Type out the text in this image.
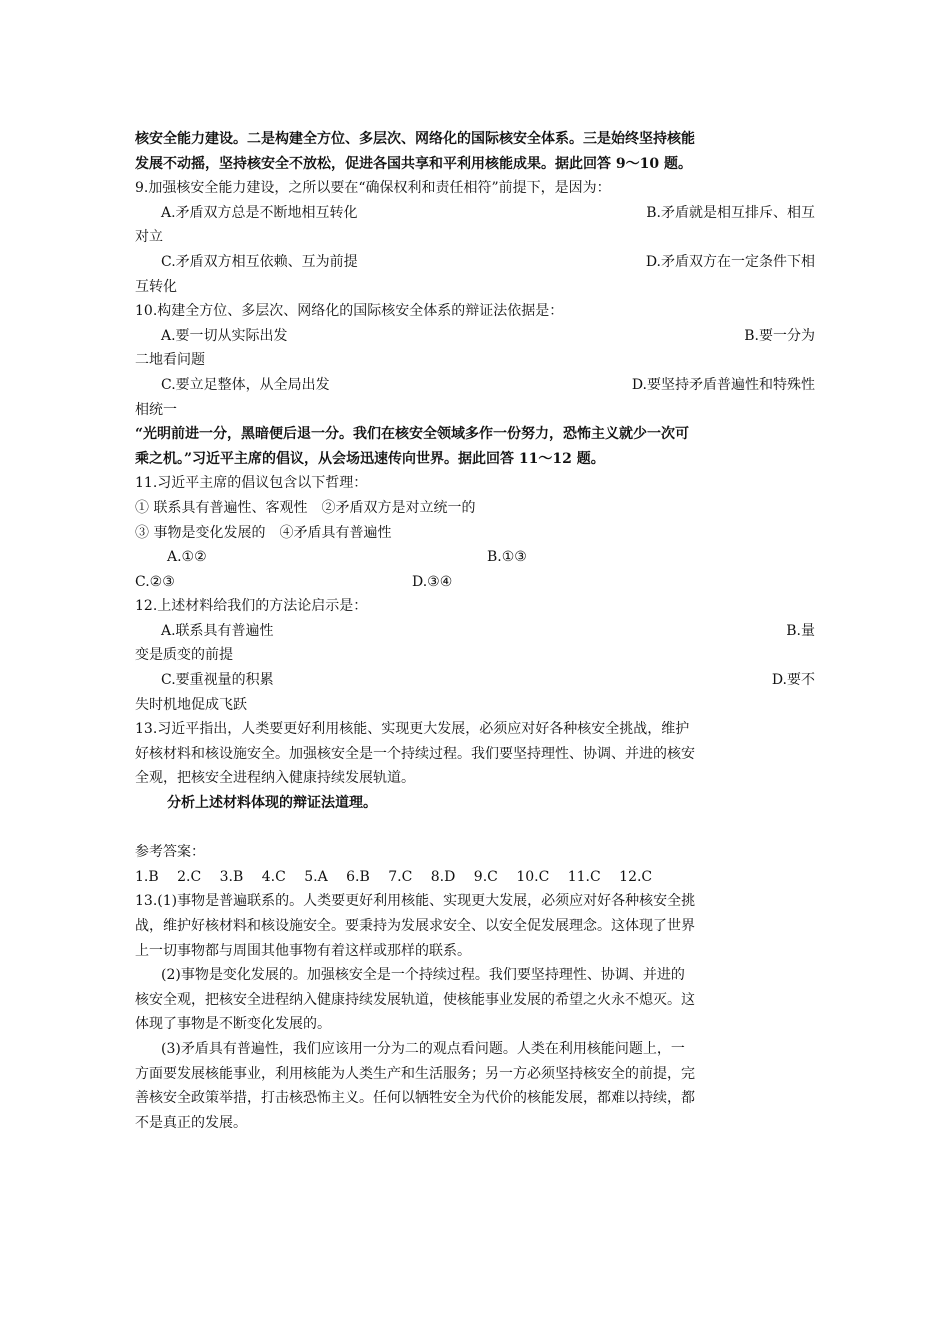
核安全能力建设。二是构建全方位、多层次、网络化的国际核安全体系。三是始终坚持核能
发展不动摇，坚持核安全不放松，促进各国共享和平利用核能成果。据此回答 9～10 题。
9.加强核安全能力建设，之所以要在“确保权利和责任相符”前提下，是因为：
A.矛盾双方总是不断地相互转化	B.矛盾就是相互排斥、相互
对立
C.矛盾双方相互依赖、互为前提	D.矛盾双方在一定条件下相
互转化
10.构建全方位、多层次、网络化的国际核安全体系的辩证法依据是：
A.要一切从实际出发	B.要一分为
二地看问题
C.要立足整体，从全局出发	D.要坚持矛盾普遍性和特殊性
相统一
“光明前进一分，黑暗便后退一分。我们在核安全领域多作一份努力，恐怖主义就少一次可
乘之机。”习近平主席的倡议，从会场迅速传向世界。据此回答 11～12 题。
11.习近平主席的倡议包含以下哲理：
① 联系具有普遍性、客观性　②矛盾双方是对立统一的
③ 事物是变化发展的　④矛盾具有普遍性
A.①②	B.①③
C.②③	D.③④
12.上述材料给我们的方法论启示是：
A.联系具有普遍性	B.量
变是质变的前提
C.要重视量的积累	D.要不
失时机地促成飞跃
13.习近平指出，人类要更好利用核能、实现更大发展，必须应对好各种核安全挑战，维护
好核材料和核设施安全。加强核安全是一个持续过程。我们要坚持理性、协调、并进的核安
全观，把核安全进程纳入健康持续发展轨道。
分析上述材料体现的辩证法道理。
参考答案：
1.B　 2.C　 3.B　 4.C　 5.A　 6.B　 7.C　 8.D　 9.C　 10.C　 11.C　 12.C
13.(1)事物是普遍联系的。人类要更好利用核能、实现更大发展，必须应对好各种核安全挑
战，维护好核材料和核设施安全。要秉持为发展求安全、以安全促发展理念。这体现了世界
上一切事物都与周围其他事物有着这样或那样的联系。
(2)事物是变化发展的。加强核安全是一个持续过程。我们要坚持理性、协调、并进的
核安全观，把核安全进程纳入健康持续发展轨道，使核能事业发展的希望之火永不熄灭。这
体现了事物是不断变化发展的。
(3)矛盾具有普遍性，我们应该用一分为二的观点看问题。人类在利用核能问题上，一
方面要发展核能事业，利用核能为人类生产和生活服务；另一方必须坚持核安全的前提，完
善核安全政策举措，打击核恐怖主义。任何以牺牲安全为代价的核能发展，都难以持续，都
不是真正的发展。
